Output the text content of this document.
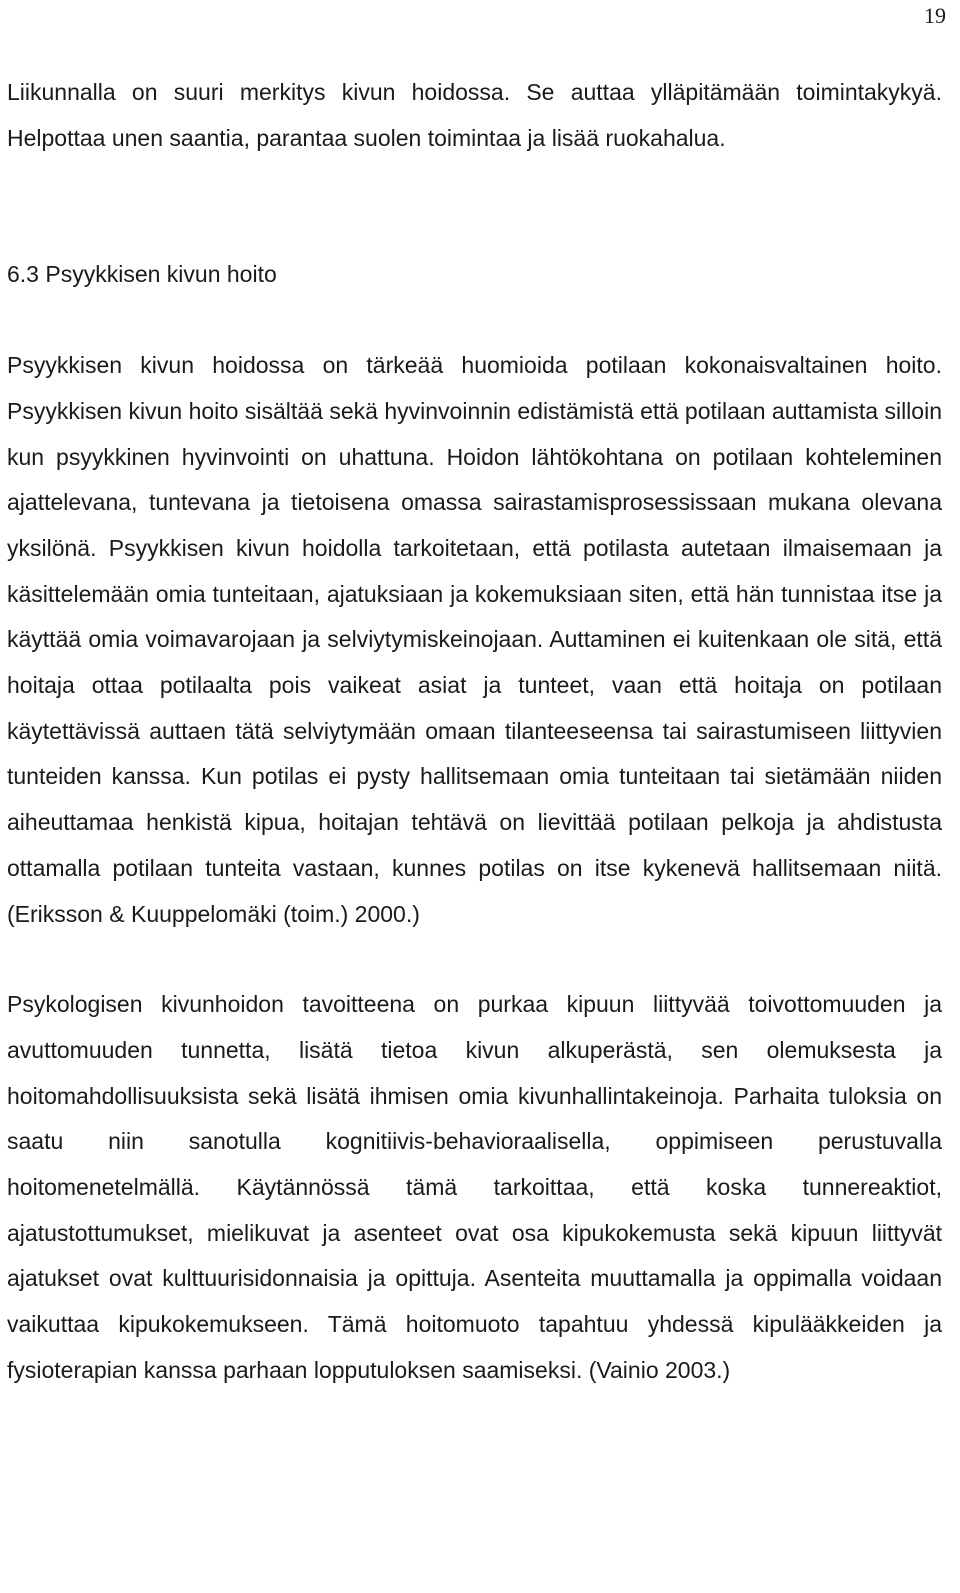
19

Liikunnalla on suuri merkitys kivun hoidossa. Se auttaa ylläpitämään toimintakykyä. Helpottaa unen saantia, parantaa suolen toimintaa ja lisää ruokahalua.

6.3 Psyykkisen kivun hoito

Psyykkisen kivun hoidossa on tärkeää huomioida potilaan kokonaisvaltainen hoito. Psyykkisen kivun hoito sisältää sekä hyvinvoinnin edistämistä että potilaan auttamista silloin kun psyykkinen hyvinvointi on uhattuna. Hoidon lähtökohtana on potilaan kohteleminen ajattelevana, tuntevana ja tietoisena omassa sairastamisprosessissaan mukana olevana yksilönä. Psyykkisen kivun hoidolla tarkoitetaan, että potilasta autetaan ilmaisemaan ja käsittelemään omia tunteitaan, ajatuksiaan ja kokemuksiaan siten, että hän tunnistaa itse ja käyttää omia voimavarojaan ja selviytymiskeinojaan. Auttaminen ei kuitenkaan ole sitä, että hoitaja ottaa potilaalta pois vaikeat asiat ja tunteet, vaan että hoitaja on potilaan käytettävissä auttaen tätä selviytymään omaan tilanteeseensa tai sairastumiseen liittyvien tunteiden kanssa. Kun potilas ei pysty hallitsemaan omia tunteitaan tai sietämään niiden aiheuttamaa henkistä kipua, hoitajan tehtävä on lievittää potilaan pelkoja ja ahdistusta ottamalla potilaan tunteita vastaan, kunnes potilas on itse kykenevä hallitsemaan niitä. (Eriksson & Kuuppelomäki (toim.) 2000.)

Psykologisen kivunhoidon tavoitteena on purkaa kipuun liittyvää toivottomuuden ja avuttomuuden tunnetta, lisätä tietoa kivun alkuperästä, sen olemuksesta ja hoitomahdollisuuksista sekä lisätä ihmisen omia kivunhallintakeinoja. Parhaita tuloksia on saatu niin sanotulla kognitiivis-behavioraalisella, oppimiseen perustuvalla hoitomenetelmällä. Käytännössä tämä tarkoittaa, että koska tunnereaktiot, ajatustottumukset, mielikuvat ja asenteet ovat osa kipukokemusta sekä kipuun liittyvät ajatukset ovat kulttuurisidonnaisia ja opittuja. Asenteita muuttamalla ja oppimalla voidaan vaikuttaa kipukokemukseen. Tämä hoitomuoto tapahtuu yhdessä kipulääkkeiden ja fysioterapian kanssa parhaan lopputuloksen saamiseksi. (Vainio 2003.)
